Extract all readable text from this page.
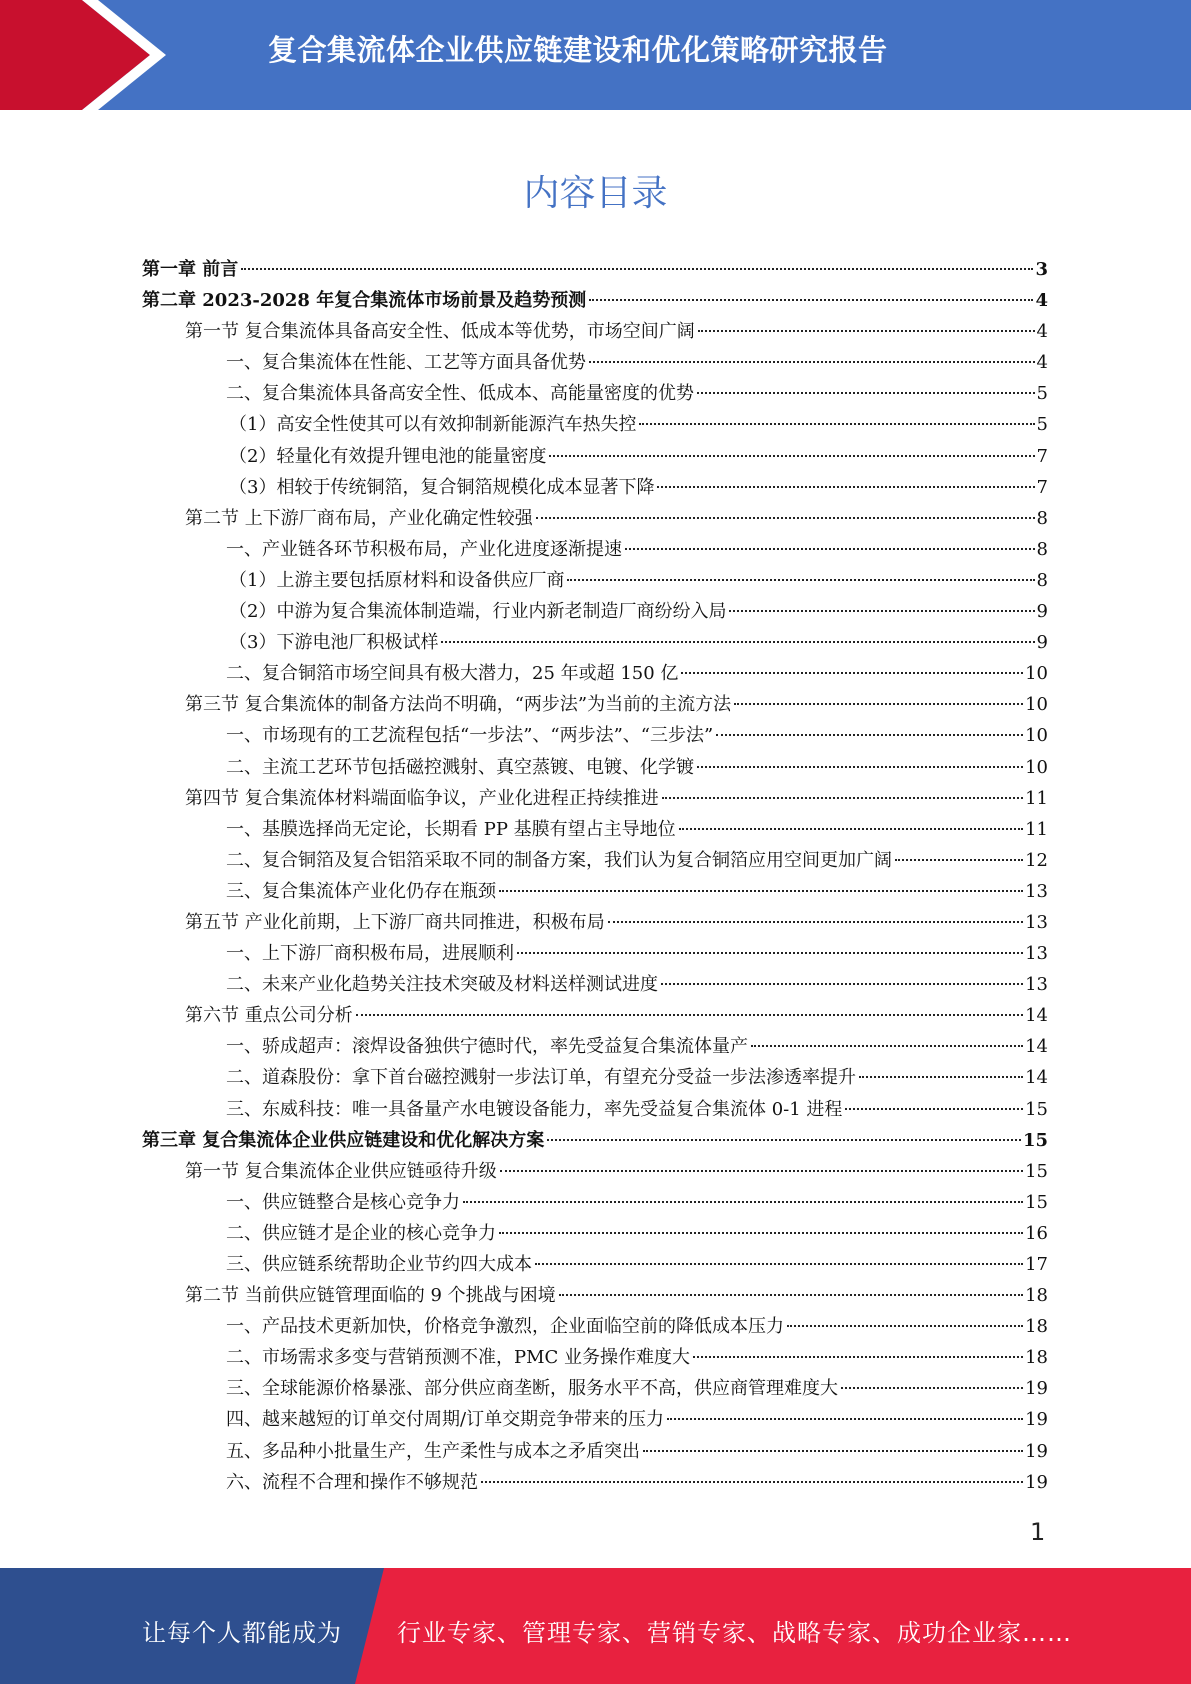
复合集流体企业供应链建设和优化策略研究报告
内容目录
第一章 前言	3
第二章 2023-2028 年复合集流体市场前景及趋势预测	4
第一节 复合集流体具备高安全性、低成本等优势，市场空间广阔	4
一、复合集流体在性能、工艺等方面具备优势	4
二、复合集流体具备高安全性、低成本、高能量密度的优势	5
（1）高安全性使其可以有效抑制新能源汽车热失控	5
（2）轻量化有效提升锂电池的能量密度	7
（3）相较于传统铜箔，复合铜箔规模化成本显著下降	7
第二节 上下游厂商布局，产业化确定性较强	8
一、产业链各环节积极布局，产业化进度逐渐提速	8
（1）上游主要包括原材料和设备供应厂商	8
（2）中游为复合集流体制造端，行业内新老制造厂商纷纷入局	9
（3）下游电池厂积极试样	9
二、复合铜箔市场空间具有极大潜力，25 年或超 150 亿	10
第三节 复合集流体的制备方法尚不明确，“两步法”为当前的主流方法	10
一、市场现有的工艺流程包括“一步法”、“两步法”、“三步法”	10
二、主流工艺环节包括磁控溅射、真空蒸镀、电镀、化学镀	10
第四节 复合集流体材料端面临争议，产业化进程正持续推进	11
一、基膜选择尚无定论，长期看 PP 基膜有望占主导地位	11
二、复合铜箔及复合铝箔采取不同的制备方案，我们认为复合铜箔应用空间更加广阔	12
三、复合集流体产业化仍存在瓶颈	13
第五节 产业化前期，上下游厂商共同推进，积极布局	13
一、上下游厂商积极布局，进展顺利	13
二、未来产业化趋势关注技术突破及材料送样测试进度	13
第六节 重点公司分析	14
一、骄成超声：滚焊设备独供宁德时代，率先受益复合集流体量产	14
二、道森股份：拿下首台磁控溅射一步法订单，有望充分受益一步法渗透率提升	14
三、东威科技：唯一具备量产水电镀设备能力，率先受益复合集流体 0-1 进程	15
第三章 复合集流体企业供应链建设和优化解决方案	15
第一节 复合集流体企业供应链亟待升级	15
一、供应链整合是核心竞争力	15
二、供应链才是企业的核心竞争力	16
三、供应链系统帮助企业节约四大成本	17
第二节 当前供应链管理面临的 9 个挑战与困境	18
一、产品技术更新加快，价格竞争激烈，企业面临空前的降低成本压力	18
二、市场需求多变与营销预测不准，PMC 业务操作难度大	18
三、全球能源价格暴涨、部分供应商垄断，服务水平不高，供应商管理难度大	19
四、越来越短的订单交付周期/订单交期竞争带来的压力	19
五、多品种小批量生产，生产柔性与成本之矛盾突出	19
六、流程不合理和操作不够规范	19
1
让每个人都能成为 行业专家、管理专家、营销专家、战略专家、成功企业家……
